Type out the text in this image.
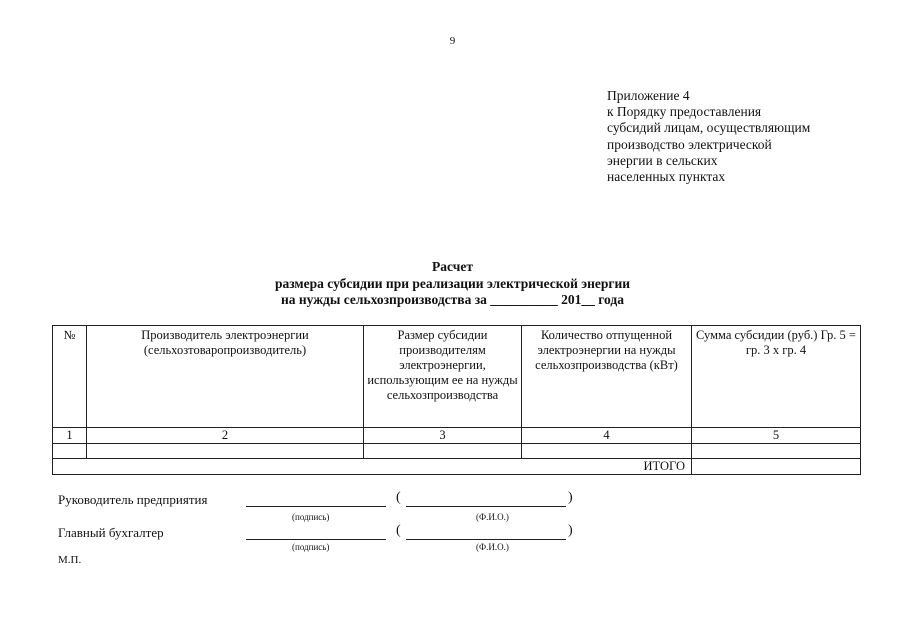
9
Приложение 4
к Порядку предоставления
субсидий лицам, осуществляющим
производство электрической
энергии в сельских
населенных пунктах
Расчет
размера субсидии при реализации электрической энергии
на нужды сельхозпроизводства за __________ 201__ года
№	Производитель электроэнергии (сельхозтоваропроизводитель)	Размер субсидии производителям электроэнергии, использующим ее на нужды сельхозпроизводства	Количество отпущенной электроэнергии на нужды сельхозпроизводства (кВт)	Сумма субсидии (руб.) Гр. 5 = гр. 3 х гр. 4
1	2	3	4	5

ИТОГО				
Руководитель предприятия	(	)
(подпись)	(Ф.И.О.)
Главный бухгалтер	(	)
(подпись)	(Ф.И.О.)
М.П.
